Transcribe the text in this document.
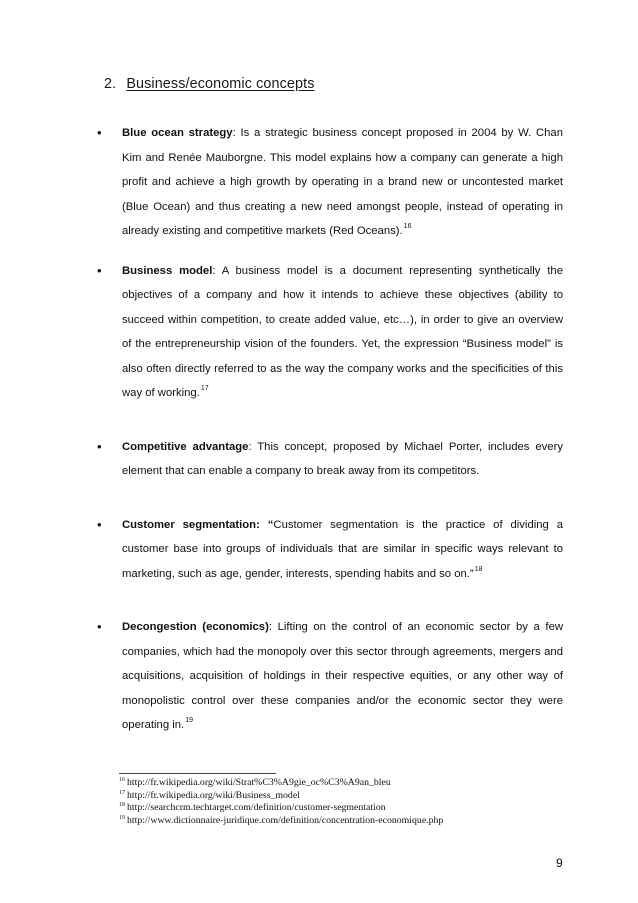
2. Business/economic concepts
• Blue ocean strategy: Is a strategic business concept proposed in 2004 by W. Chan Kim and Renée Mauborgne. This model explains how a company can generate a high profit and achieve a high growth by operating in a brand new or uncontested market (Blue Ocean) and thus creating a new need amongst people, instead of operating in already existing and competitive markets (Red Oceans).$^{16}$
• Business model: A business model is a document representing synthetically the objectives of a company and how it intends to achieve these objectives (ability to succeed within competition, to create added value, etc…), in order to give an overview of the entrepreneurship vision of the founders. Yet, the expression “Business model” is also often directly referred to as the way the company works and the specificities of this way of working.$^{17}$
• Competitive advantage: This concept, proposed by Michael Porter, includes every element that can enable a company to break away from its competitors.
• Customer segmentation: “Customer segmentation is the practice of dividing a customer base into groups of individuals that are similar in specific ways relevant to marketing, such as age, gender, interests, spending habits and so on.”$^{18}$
• Decongestion (economics): Lifting on the control of an economic sector by a few companies, which had the monopoly over this sector through agreements, mergers and acquisitions, acquisition of holdings in their respective equities, or any other way of monopolistic control over these companies and/or the economic sector they were operating in.$^{19}$
$^{16}$ http://fr.wikipedia.org/wiki/Strat%C3%A9gie_oc%C3%A9an_bleu
$^{17}$ http://fr.wikipedia.org/wiki/Business_model
$^{18}$ http://searchcrm.techtarget.com/definition/customer-segmentation
$^{19}$ http://www.dictionnaire-juridique.com/definition/concentration-economique.php
9
